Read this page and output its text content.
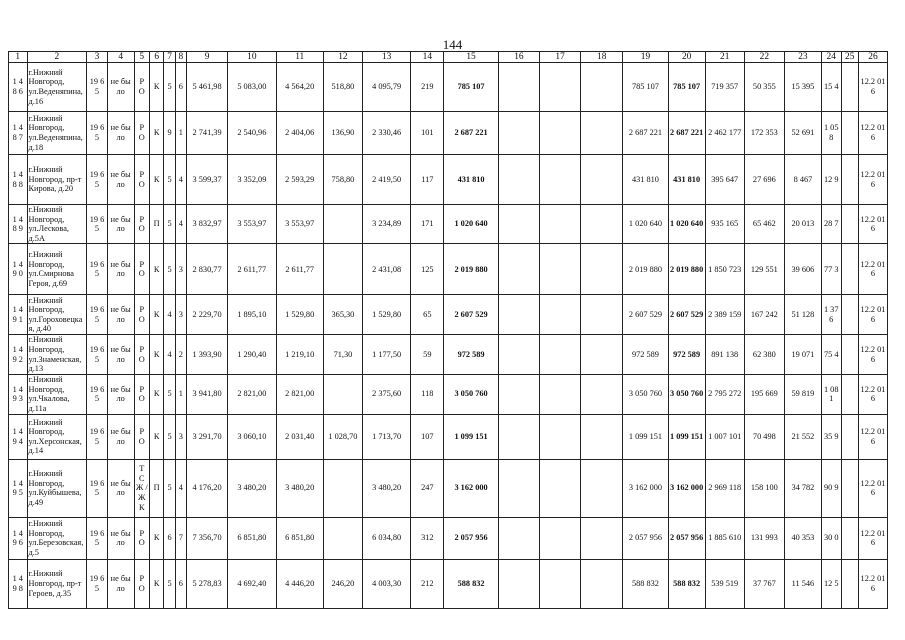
144
1	2	3	4	5	6	7	8	9	10	11	12	13	14	15	16	17	18	19	20	21	22	23	24	25	26
1 4 8 6	г.Нижний Новгород, ул.Веденяпина, д.16	19 65	не было	Р О	К	5	6	5 461,98	5 083,00	4 564,20	518,80	4 095,79	219	785 107				785 107	785 107	719 357	50 355	15 395	15 4		12.2 016
1 4 8 7	г.Нижний Новгород, ул.Веденяпина, д.18	19 65	не было	Р О	К	9	1	2 741,39	2 540,96	2 404,06	136,90	2 330,46	101	2 687 221				2 687 221	2 687 221	2 462 177	172 353	52 691	1 05 8		12.2 016
1 4 8 8	г.Нижний Новгород, пр-т Кирова, д.20	19 65	не было	Р О	К	5	4	3 599,37	3 352,09	2 593,29	758,80	2 419,50	117	431 810				431 810	431 810	395 647	27 696	8 467	12 9		12.2 016
1 4 8 9	г.Нижний Новгород, ул.Лескова, д.5А	19 65	не было	Р О	П	5	4	3 832,97	3 553,97	3 553,97		3 234,89	171	1 020 640				1 020 640	1 020 640	935 165	65 462	20 013	28 7		12.2 016
1 4 9 0	г.Нижний Новгород, ул.Смирнова Героя, д.69	19 65	не было	Р О	К	5	3	2 830,77	2 611,77	2 611,77		2 431,08	125	2 019 880				2 019 880	2 019 880	1 850 723	129 551	39 606	77 3		12.2 016
1 4 9 1	г.Нижний Новгород, ул.Гороховецкая, д.40	19 65	не было	Р О	К	4	3	2 229,70	1 895,10	1 529,80	365,30	1 529,80	65	2 607 529				2 607 529	2 607 529	2 389 159	167 242	51 128	1 37 6		12.2 016
1 4 9 2	г.Нижний Новгород, ул.Знаменская, д.13	19 65	не было	Р О	К	4	2	1 393,90	1 290,40	1 219,10	71,30	1 177,50	59	972 589				972 589	972 589	891 138	62 380	19 071	75 4		12.2 016
1 4 9 3	г.Нижний Новгород, ул.Чкалова, д.11а	19 65	не было	Р О	К	5	1	3 941,80	2 821,00	2 821,00		2 375,60	118	3 050 760				3 050 760	3 050 760	2 795 272	195 669	59 819	1 08 1		12.2 016
1 4 9 4	г.Нижний Новгород, ул.Херсонская, д.14	19 65	не было	Р О	К	5	3	3 291,70	3 060,10	2 031,40	1 028,70	1 713,70	107	1 099 151				1 099 151	1 099 151	1 007 101	70 498	21 552	35 9		12.2 016
1 4 9 5	г.Нижний Новгород, ул.Куйбышева, д.49	19 65	не было	Т С Ж / Ж К	П	5	4	4 176,20	3 480,20	3 480,20		3 480,20	247	3 162 000				3 162 000	3 162 000	2 969 118	158 100	34 782	90 9		12.2 016
1 4 9 6	г.Нижний Новгород, ул.Березовская, д.5	19 65	не было	Р О	К	6	7	7 356,70	6 851,80	6 851,80		6 034,80	312	2 057 956				2 057 956	2 057 956	1 885 610	131 993	40 353	30 0		12.2 016
1 4 9 8	г.Нижний Новгород, пр-т Героев, д.35	19 65	не было	Р О	К	5	6	5 278,83	4 692,40	4 446,20	246,20	4 003,30	212	588 832				588 832	588 832	539 519	37 767	11 546	12 5		12.2 016
